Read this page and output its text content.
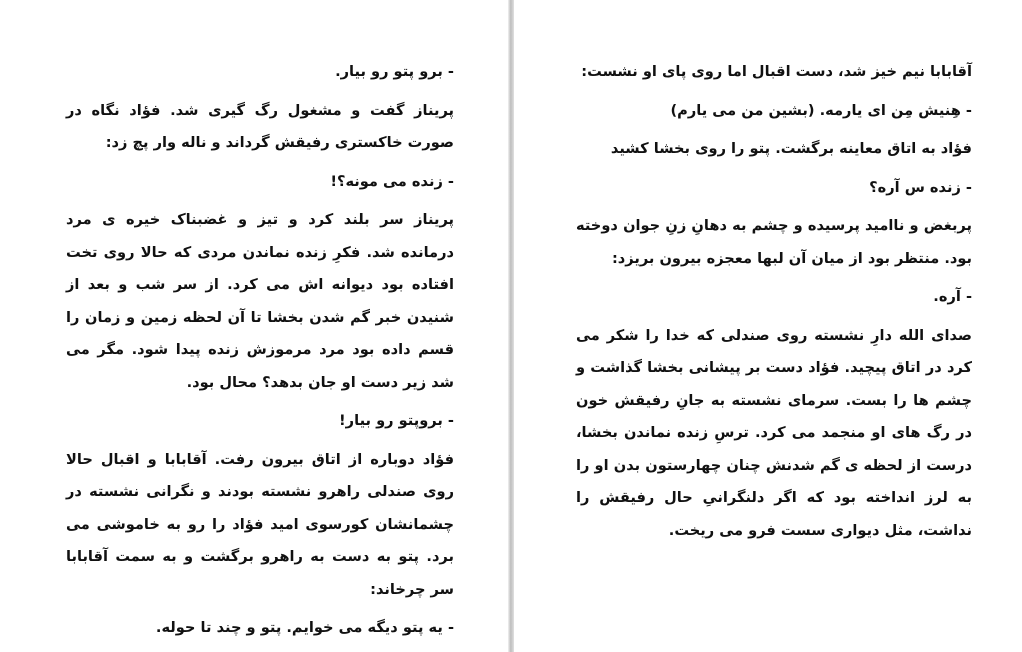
- برو پتو رو بیار.

پریناز گفت و مشغول رگ گیری شد. فؤاد نگاه در صورت خاکستری رفیقش گرداند و ناله وار پچ زد:

- زنده می مونه؟!

پریناز سر بلند کرد و تیز و غضبناک خیره ی مرد درمانده شد. فکرِ زنده نماندن مردی که حالا روی تخت افتاده بود دیوانه اش می کرد. از سر شب و بعد از شنیدن خبر گم شدن بخشا تا آن لحظه زمین و زمان را قسم داده بود مرد مرموزش زنده پیدا شود. مگر می شد زیر دست او جان بدهد؟ محال بود.

- بروپتو رو بیار!

فؤاد دوباره از اتاق بیرون رفت. آقابابا و اقبال حالا روی صندلی راهرو نشسته بودند و نگرانی نشسته در چشمانشان کورسوی امید فؤاد را رو به خاموشی می برد. پتو به دست به راهرو برگشت و به سمت آقابابا سر چرخاند:

- یه پتو دیگه می خوایم. پتو و چند تا حوله.

آقابابا نیم خیز شد، دست اقبال اما روی پای او نشست:

- هِنیش مِن ای یارمه. (بشین من می یارم)

فؤاد به اتاق معاینه برگشت. پتو را روی بخشا کشید

- زنده س آره؟

پربغض و ناامید پرسیده و چشم به دهانِ زنِ جوان دوخته بود. منتظر بود از میان آن لبها معجزه بیرون بریزد:

- آره.

صدای الله دارِ نشسته روی صندلی که خدا را شکر می کرد در اتاق پیچید. فؤاد دست بر پیشانی بخشا گذاشت و چشم ها را بست. سرمای نشسته به جانِ رفیقش خون در رگ های او منجمد می کرد. ترسِ زنده نماندن بخشا، درست از لحظه ی گم شدنش چنان چهارستون بدن او را به لرز انداخته بود که اگر دلنگرانیِ حال رفیقش را نداشت، مثل دیواری سست فرو می ریخت.
